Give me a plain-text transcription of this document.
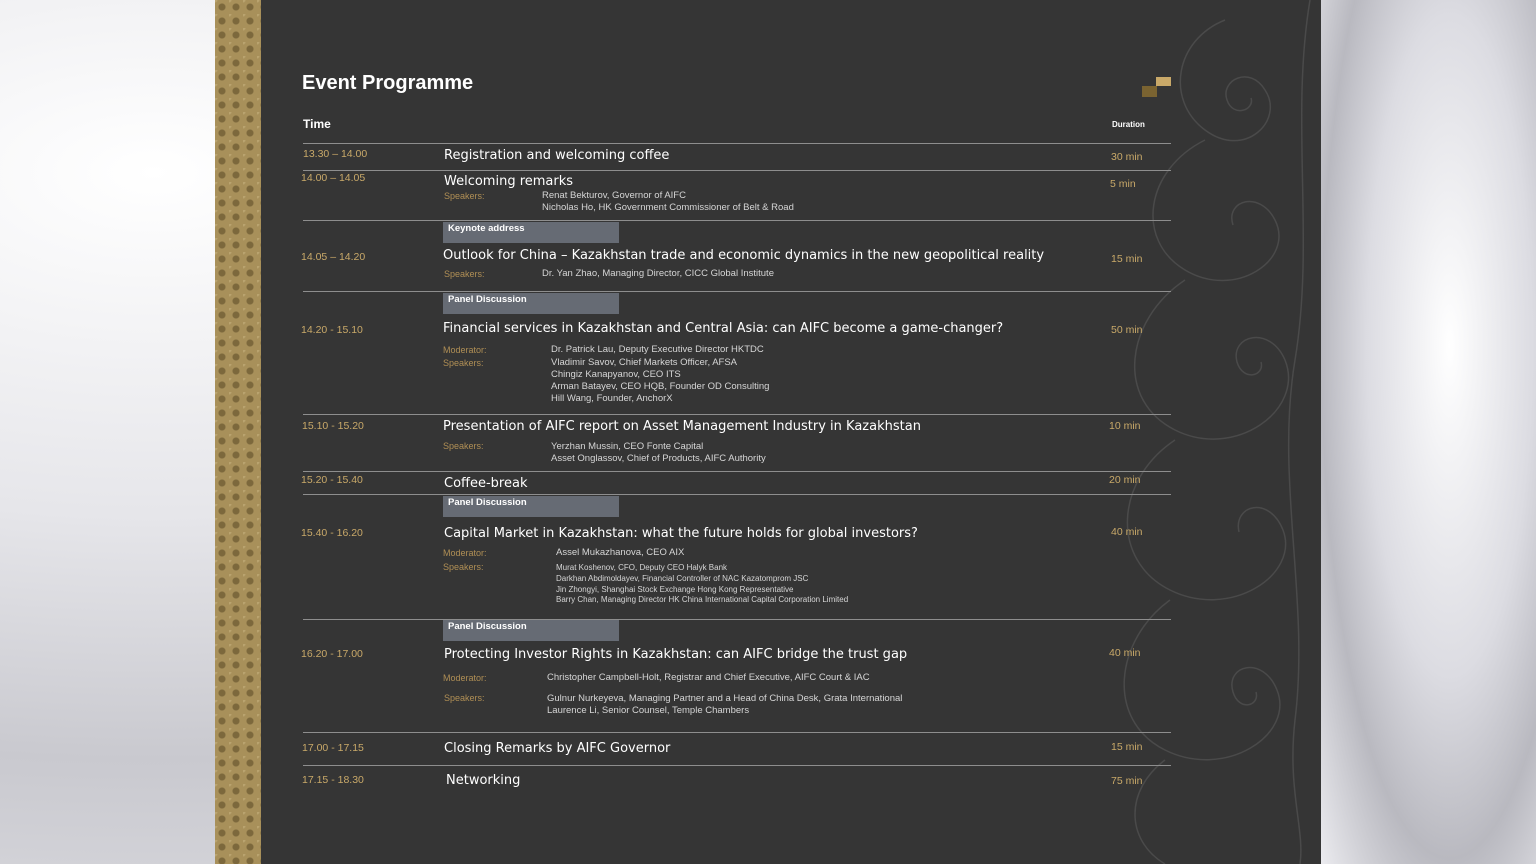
Event Programme
Time	Duration
13.30 – 14.00	Registration and welcoming coffee	30 min
14.00 – 14.05	Welcoming remarks	5 min
Speakers:	Renat Bekturov, Governor of AIFC
Nicholas Ho, HK Government Commissioner of Belt & Road
Keynote address
14.05 – 14.20	Outlook for China – Kazakhstan trade and economic dynamics in the new geopolitical reality	15 min
Speakers:	Dr. Yan Zhao, Managing Director, CICC Global Institute
Panel Discussion
14.20 - 15.10	Financial services in Kazakhstan and Central Asia: can AIFC become a game-changer?	50 min
Moderator:	Dr. Patrick Lau, Deputy Executive Director HKTDC
Speakers:	Vladimir Savov, Chief Markets Officer, AFSA
Chingiz Kanapyanov, CEO ITS
Arman Batayev, CEO HQB, Founder OD Consulting
Hill Wang, Founder, AnchorX
15.10 - 15.20	Presentation of AIFC report on Asset Management Industry in Kazakhstan	10 min
Speakers:	Yerzhan Mussin, CEO Fonte Capital
Asset Onglassov, Chief of Products, AIFC Authority
15.20 - 15.40	Coffee-break	20 min
Panel Discussion
15.40 - 16.20	Capital Market in Kazakhstan: what the future holds for global investors?	40 min
Moderator:	Assel Mukazhanova, CEO AIX
Speakers:	Murat Koshenov, CFO, Deputy CEO Halyk Bank
Darkhan Abdimoldayev, Financial Controller of NAC Kazatomprom JSC
Jin Zhongyi, Shanghai Stock Exchange Hong Kong Representative
Barry Chan, Managing Director HK China International Capital Corporation Limited
Panel Discussion
16.20 - 17.00	Protecting Investor Rights in Kazakhstan: can AIFC bridge the trust gap	40 min
Moderator:	Christopher Campbell-Holt, Registrar and Chief Executive, AIFC Court & IAC
Speakers:	Gulnur Nurkeyeva, Managing Partner and a Head of China Desk, Grata International
Laurence Li, Senior Counsel, Temple Chambers
17.00 - 17.15	Closing Remarks by AIFC Governor	15 min
17.15 - 18.30	Networking	75 min
